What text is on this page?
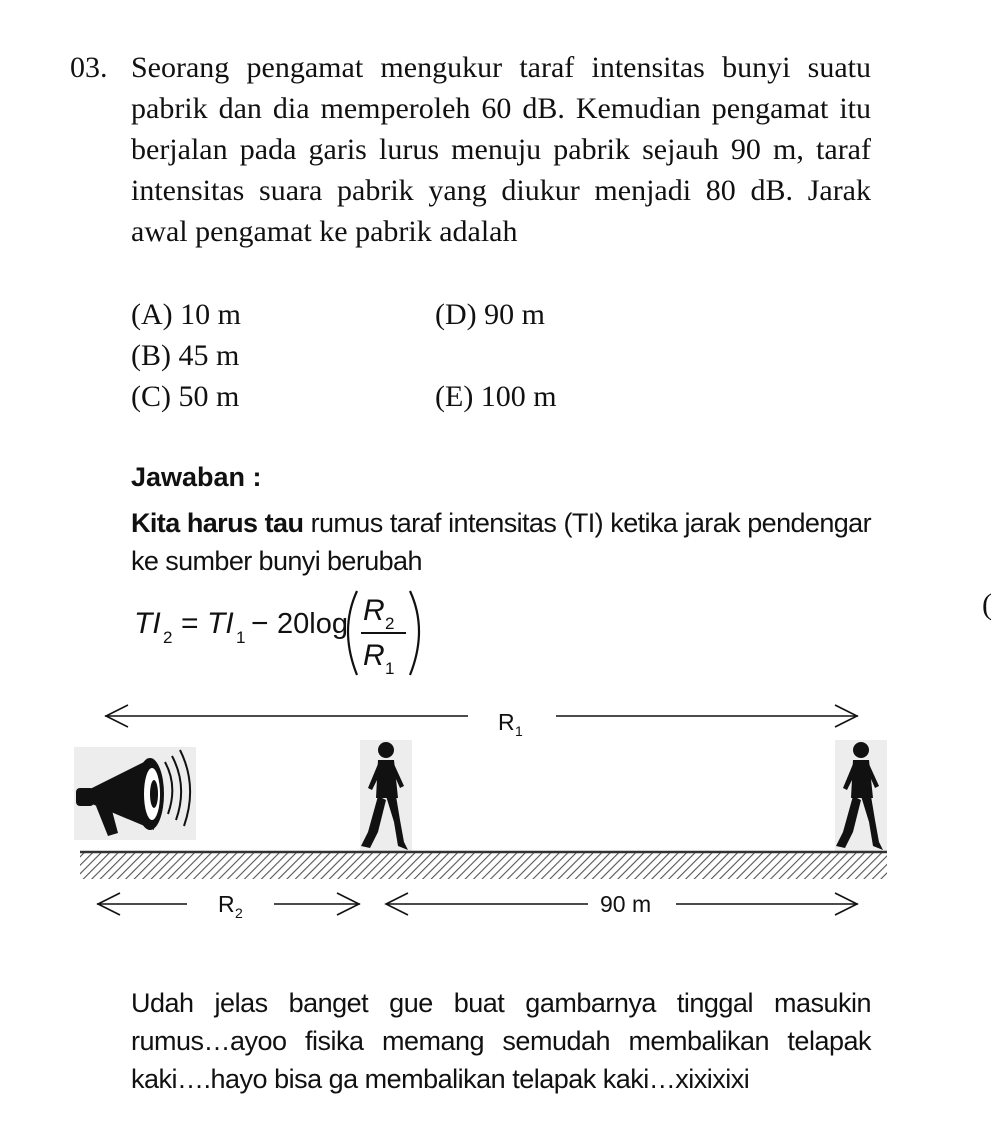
03. Seorang pengamat mengukur taraf intensitas bunyi suatu pabrik dan dia memperoleh 60 dB. Kemudian pengamat itu berjalan pada garis lurus menuju pabrik sejauh 90 m, taraf intensitas suara pabrik yang diukur menjadi 80 dB. Jarak awal pengamat ke pabrik adalah
(A) 10 m
(B) 45 m
(C) 50 m
(D) 90 m
(E) 100 m
Jawaban :
Kita harus tau rumus taraf intensitas (TI) ketika jarak pendengar ke sumber bunyi berubah
TI 2 = TI 1 − 20log R 2
R 1
(
R 1
R 2	90 m
Udah jelas banget gue buat gambarnya tinggal masukin rumus…ayoo fisika memang semudah membalikan telapak kaki….hayo bisa ga membalikan telapak kaki…xixixixi
